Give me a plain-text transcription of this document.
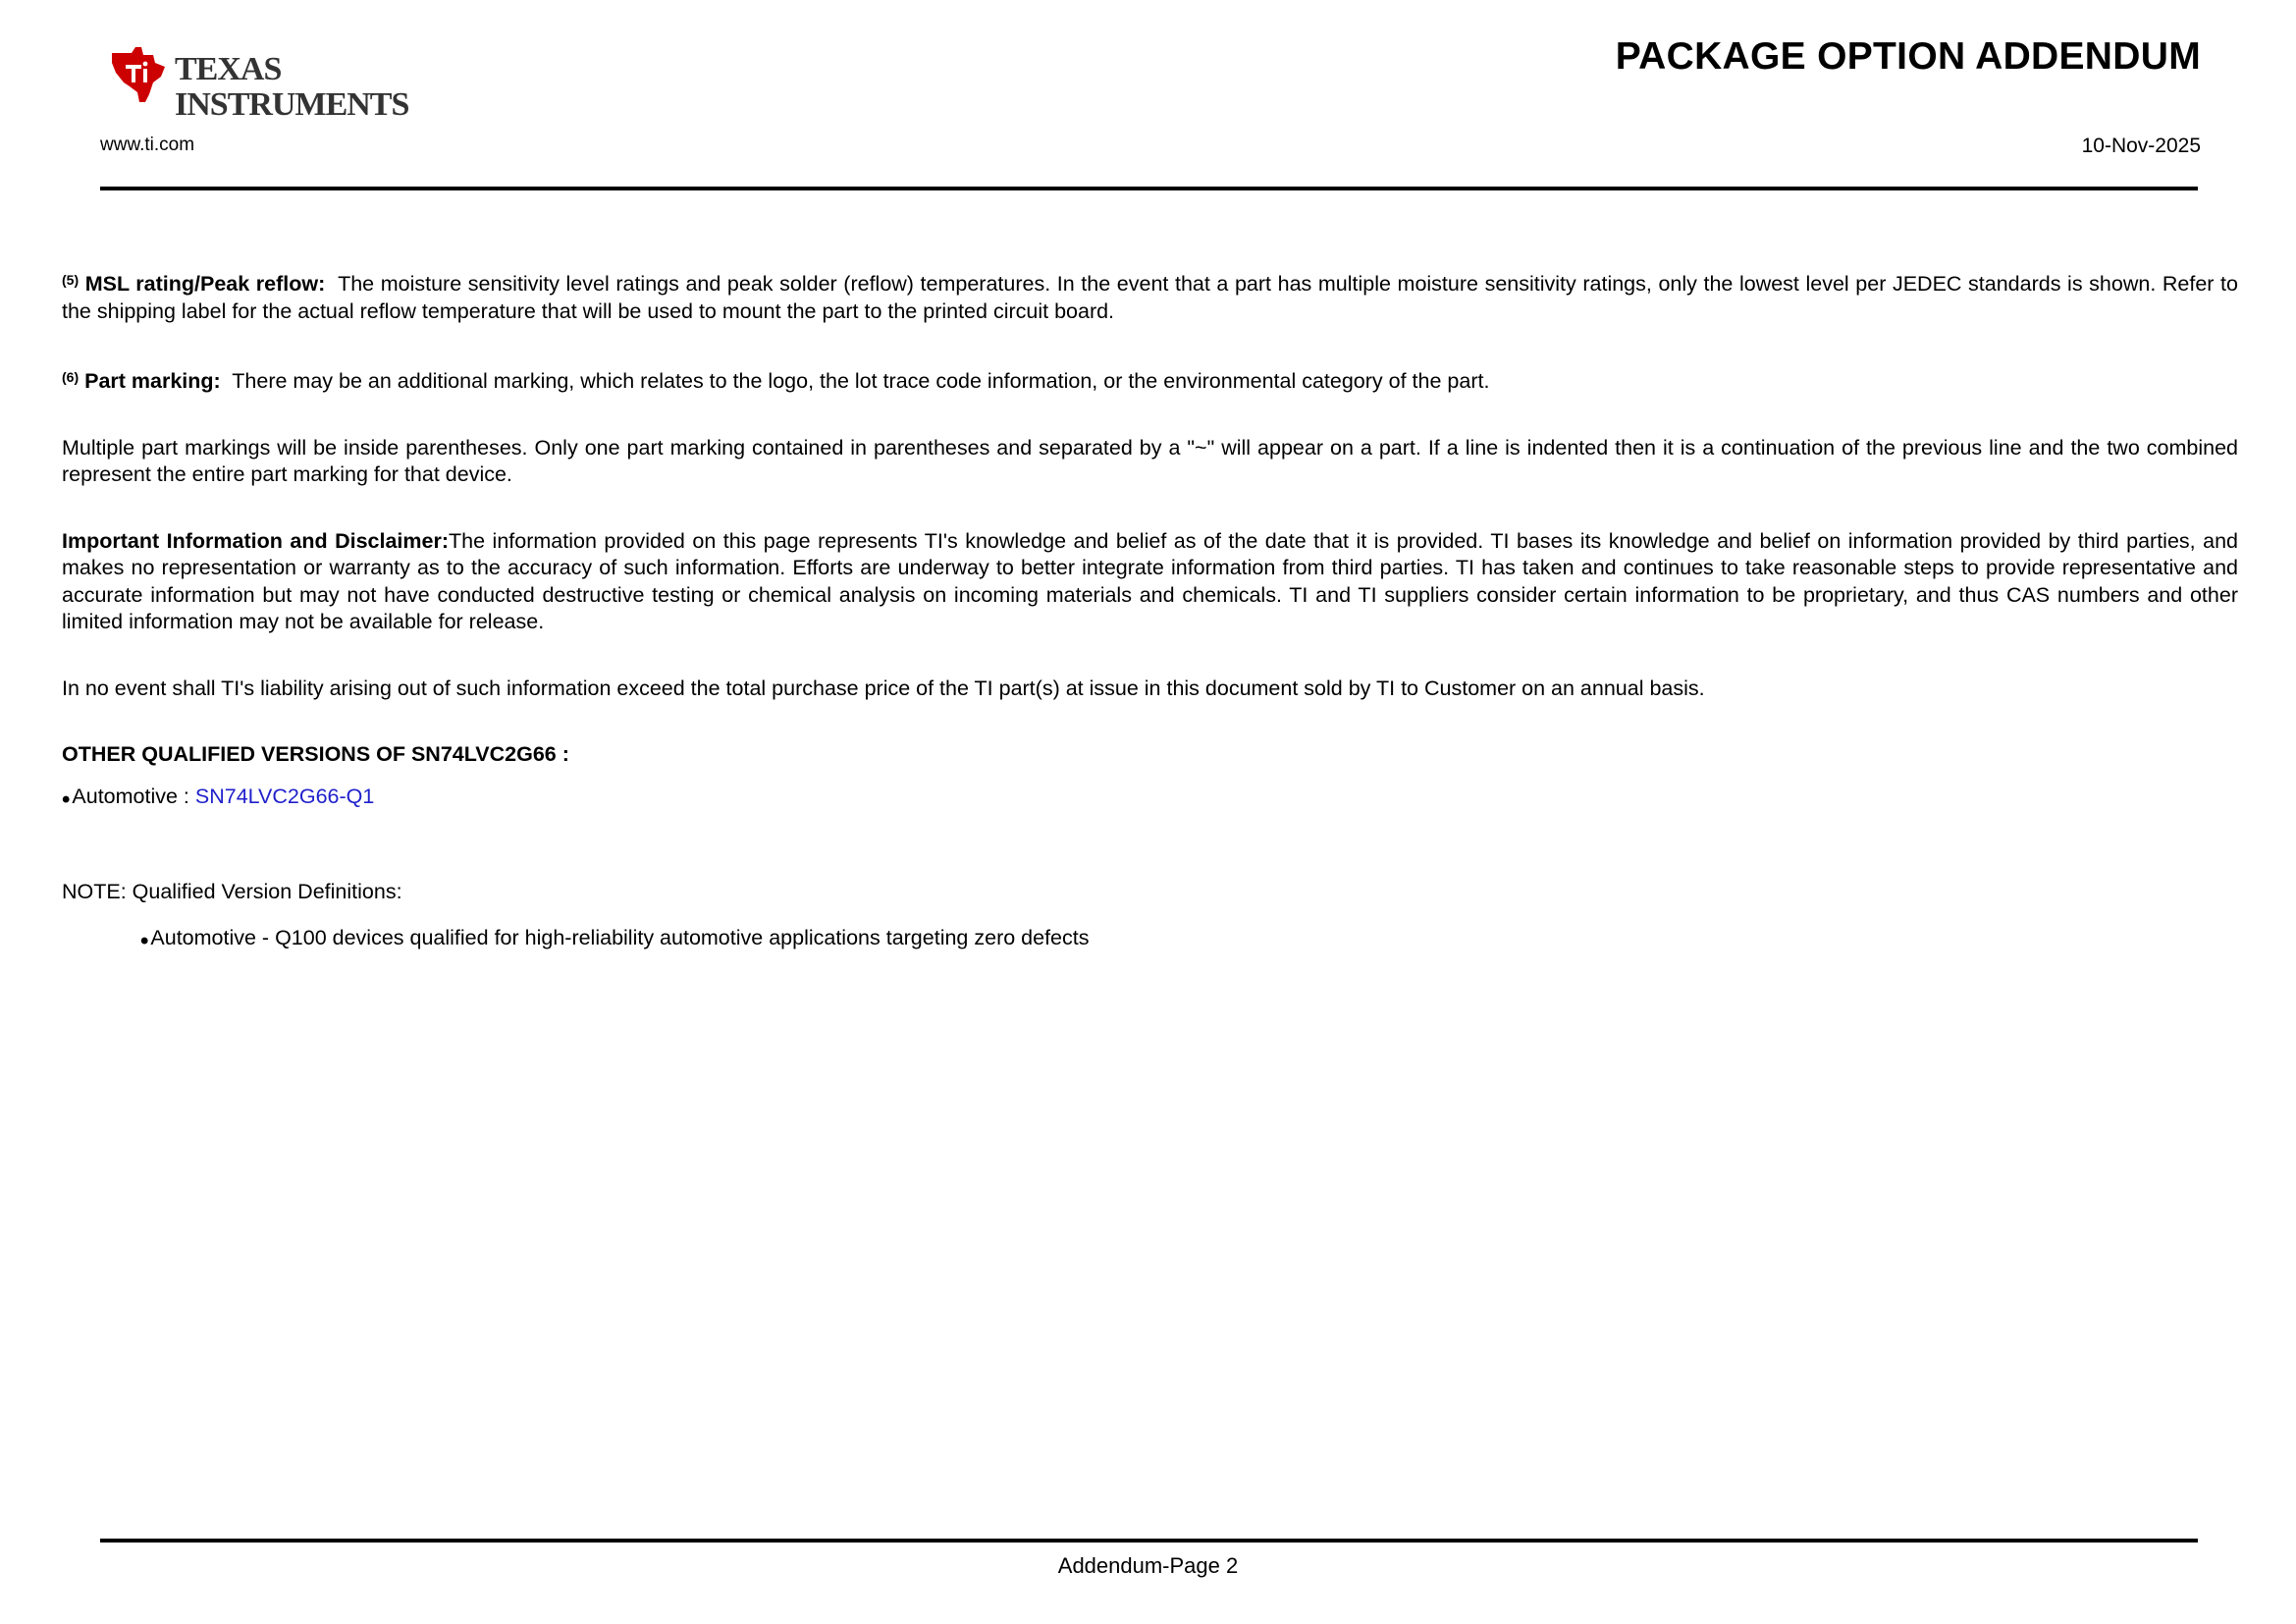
TEXAS
INSTRUMENTS
www.ti.com
PACKAGE OPTION ADDENDUM
10-Nov-2025

$^{(5)}$ MSL rating/Peak reflow: The moisture sensitivity level ratings and peak solder (reflow) temperatures. In the event that a part has multiple moisture sensitivity ratings, only the lowest level per JEDEC standards is shown. Refer to the shipping label for the actual reflow temperature that will be used to mount the part to the printed circuit board.

$^{(6)}$ Part marking: There may be an additional marking, which relates to the logo, the lot trace code information, or the environmental category of the part.

Multiple part markings will be inside parentheses. Only one part marking contained in parentheses and separated by a "~" will appear on a part. If a line is indented then it is a continuation of the previous line and the two combined represent the entire part marking for that device.

Important Information and Disclaimer:The information provided on this page represents TI's knowledge and belief as of the date that it is provided. TI bases its knowledge and belief on information provided by third parties, and makes no representation or warranty as to the accuracy of such information. Efforts are underway to better integrate information from third parties. TI has taken and continues to take reasonable steps to provide representative and accurate information but may not have conducted destructive testing or chemical analysis on incoming materials and chemicals. TI and TI suppliers consider certain information to be proprietary, and thus CAS numbers and other limited information may not be available for release.

In no event shall TI's liability arising out of such information exceed the total purchase price of the TI part(s) at issue in this document sold by TI to Customer on an annual basis.

OTHER QUALIFIED VERSIONS OF SN74LVC2G66 :

•Automotive : SN74LVC2G66-Q1

NOTE: Qualified Version Definitions:

•Automotive - Q100 devices qualified for high-reliability automotive applications targeting zero defects

Addendum-Page 2
